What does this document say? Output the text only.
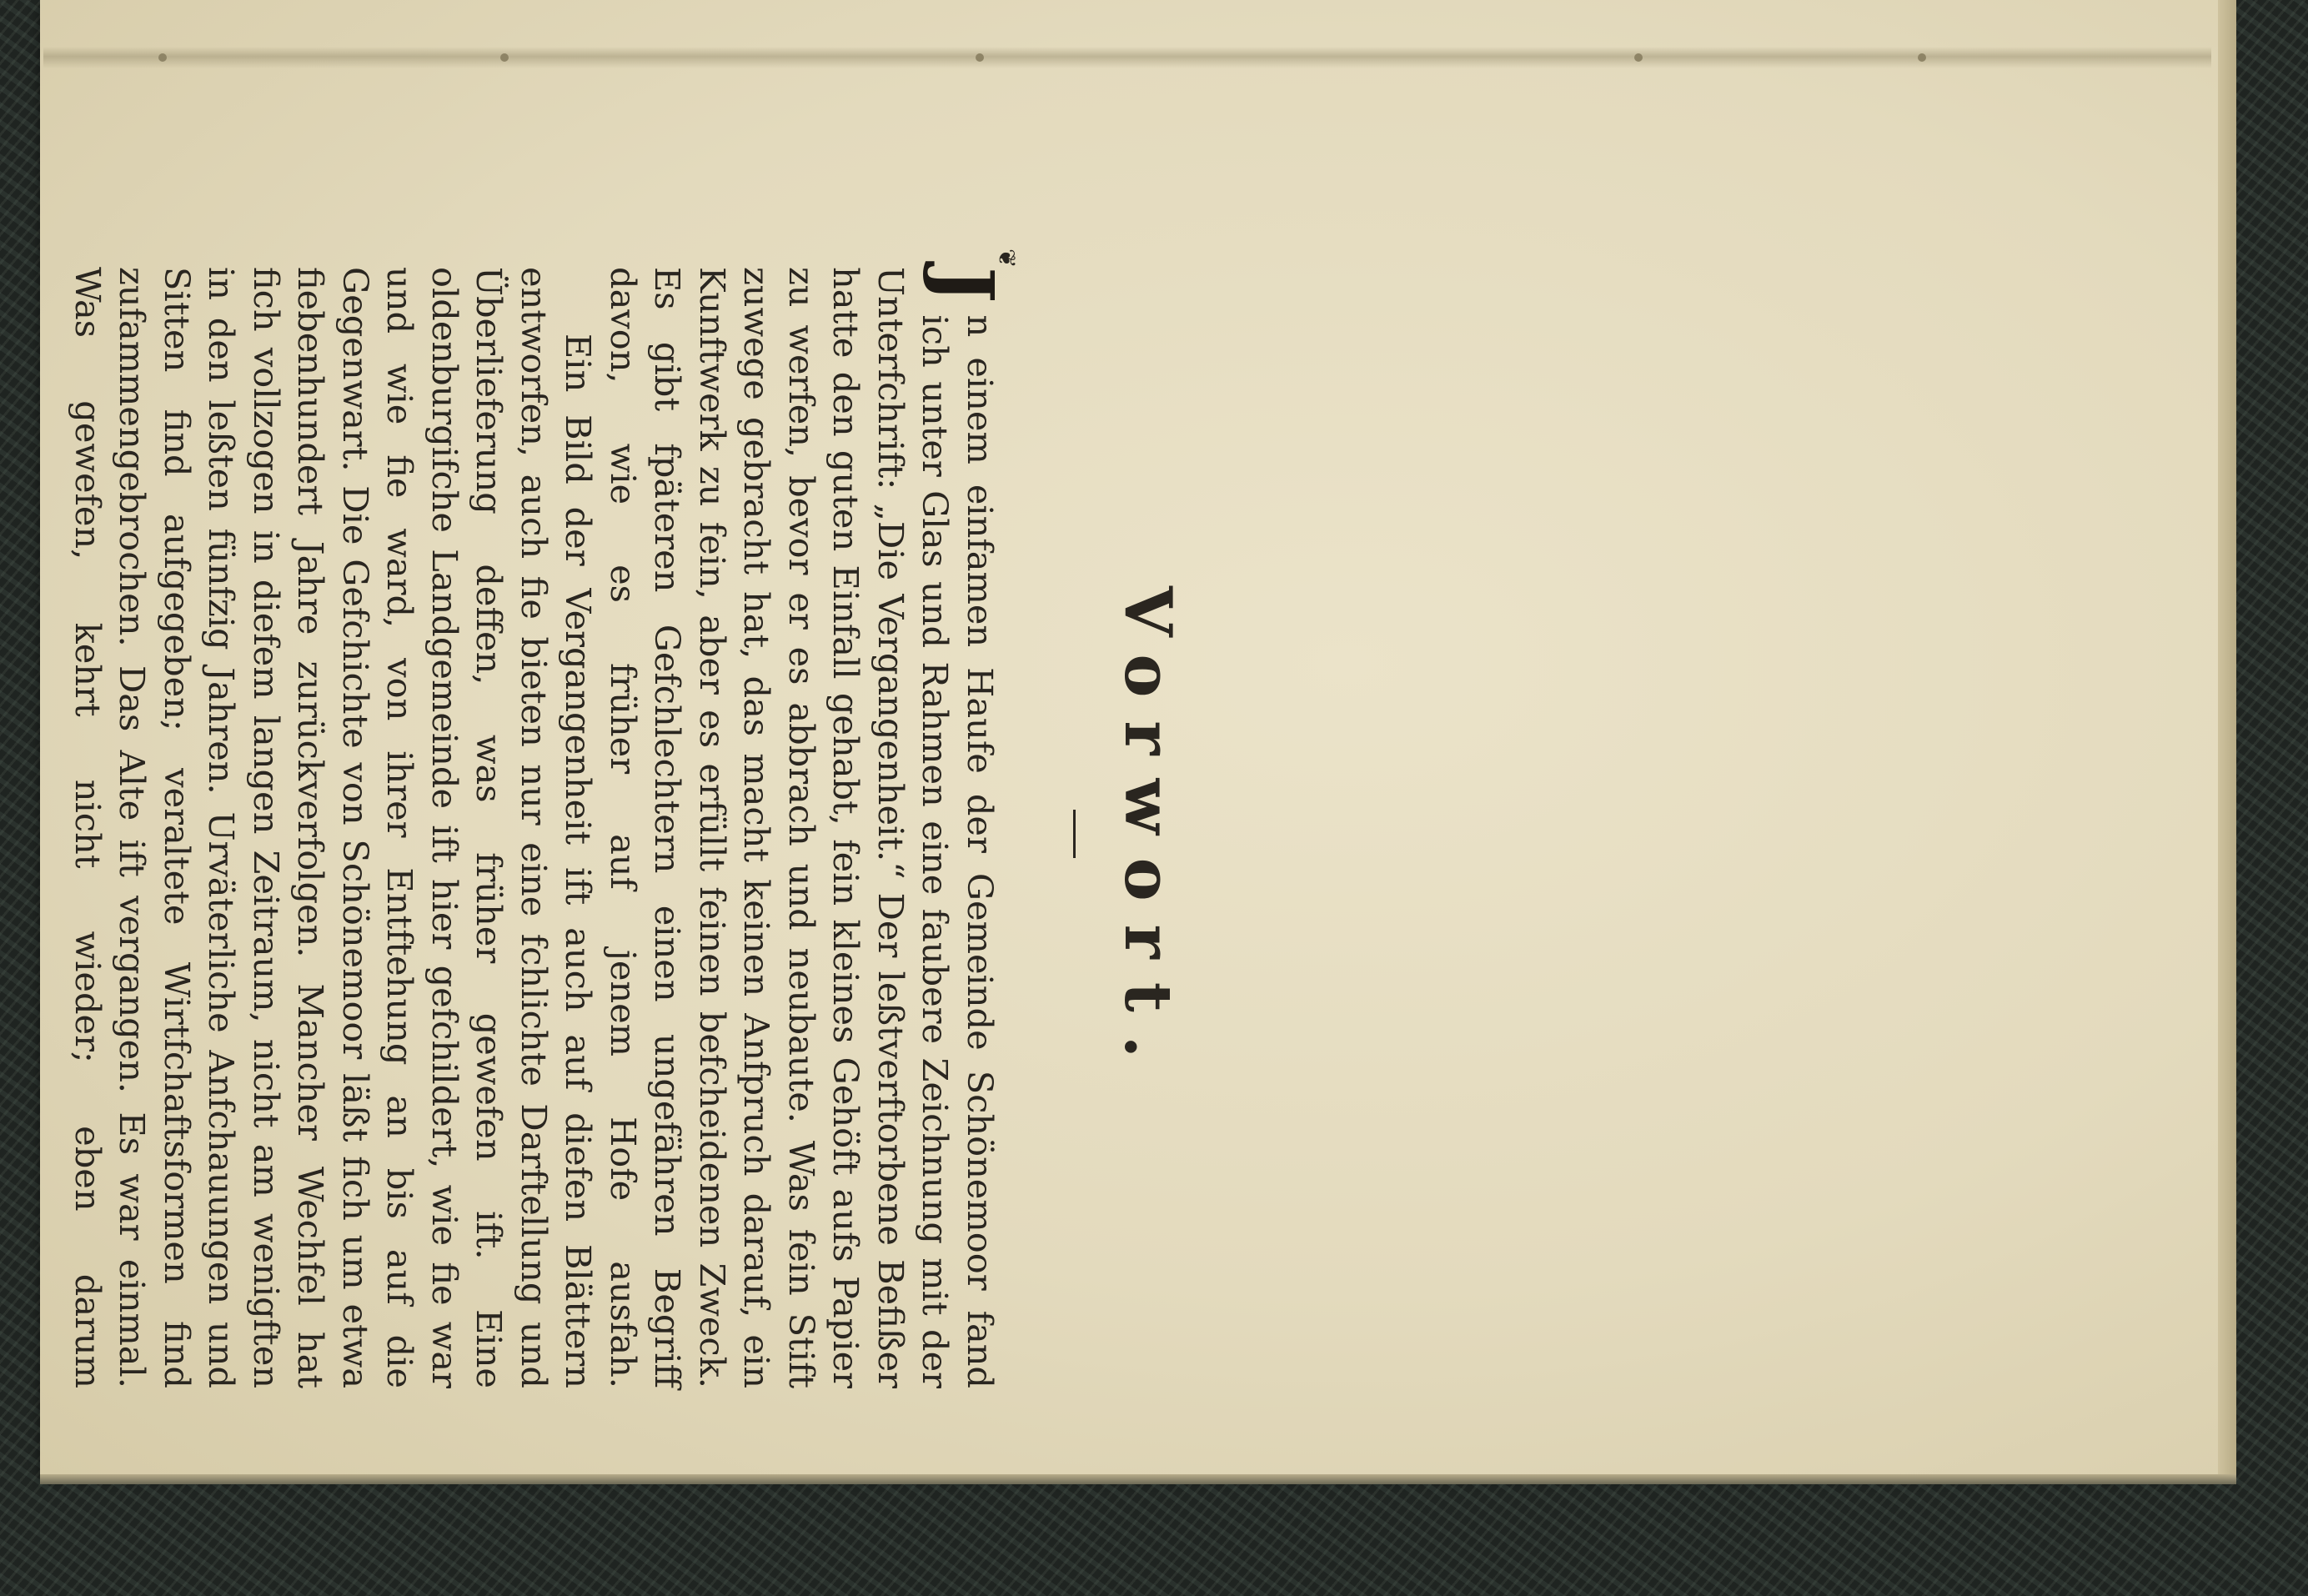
Vorwort.
❦

J
n einem einfamen Haufe der Gemeinde Schönemoor fand ich unter Glas und Rahmen eine faubere Zeichnung mit der Unterfchrift: „Die Vergangenheit.“ Der leßtverftorbene Befißer hatte den guten Einfall gehabt, fein kleines Gehöft aufs Papier zu werfen, bevor er es abbrach und neubaute. Was fein Stift zuwege gebracht hat, das macht keinen Anfpruch darauf, ein Kunftwerk zu fein, aber es erfüllt feinen befcheidenen Zweck. Es gibt fpäteren Gefchlechtern einen ungefähren Begriff davon, wie es früher auf jenem Hofe ausfah.

Ein Bild der Vergangenheit ift auch auf diefen Blättern entworfen, auch fie bieten nur eine fchlichte Darftellung und Überlieferung deffen, was früher gewefen ift. Eine oldenburgifche Landgemeinde ift hier gefchildert, wie fie war und wie fie ward, von ihrer Entftehung an bis auf die Gegenwart. Die Gefchichte von Schönemoor läßt fich um etwa fiebenhundert Jahre zurückverfolgen. Mancher Wechfel hat fich vollzogen in diefem langen Zeitraum, nicht am wenigften in den leßten fünfzig Jahren. Urväterliche Anfchauungen und Sitten find aufgegeben; veraltete Wirtfchaftsformen find zufammengebrochen. Das Alte ift vergangen. Es war einmal. Was gewefen, kehrt nicht wieder; eben darum
